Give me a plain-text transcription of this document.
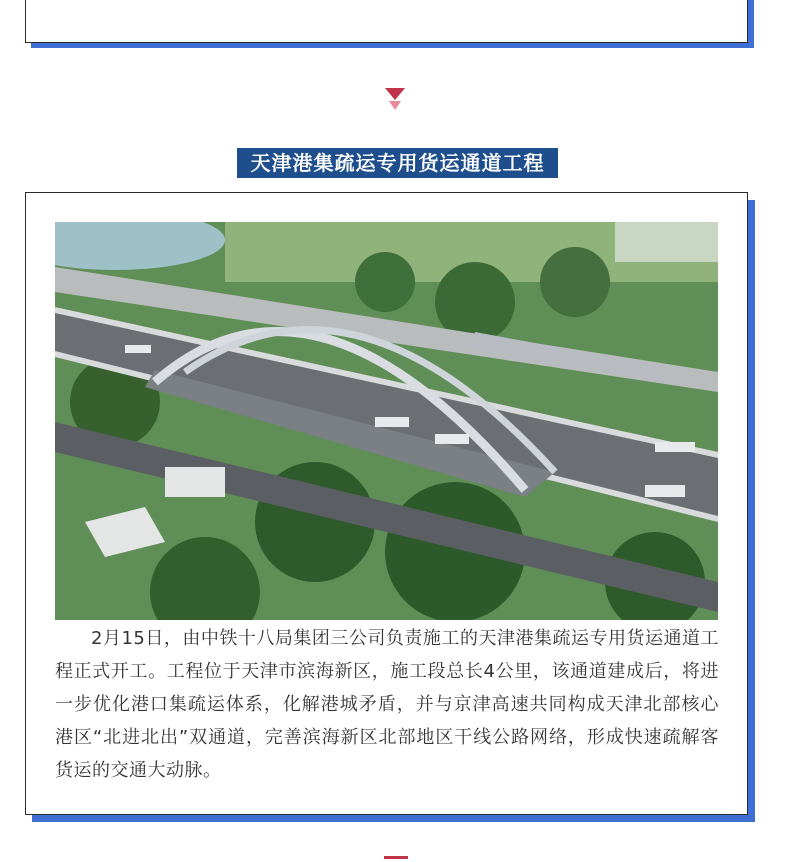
天津港集疏运专用货运通道工程
2月15日，由中铁十八局集团三公司负责施工的天津港集疏运专用货运通道工程正式开工。工程位于天津市滨海新区，施工段总长4公里，该通道建成后，将进一步优化港口集疏运体系，化解港城矛盾，并与京津高速共同构成天津北部核心港区“北进北出”双通道，完善滨海新区北部地区干线公路网络，形成快速疏解客货运的交通大动脉。
